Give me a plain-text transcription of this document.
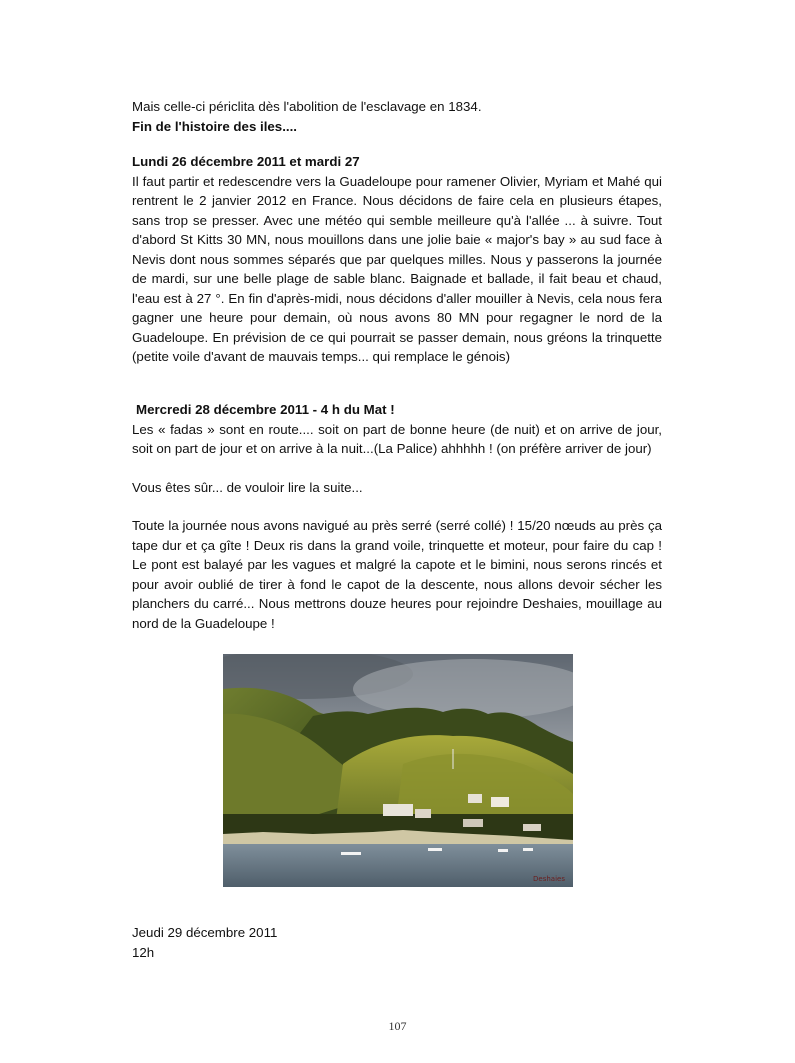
Mais celle-ci périclita dès l'abolition de l'esclavage en 1834.

Fin de l'histoire des iles....

Lundi 26 décembre 2011 et mardi 27

Il faut partir et redescendre vers la Guadeloupe pour ramener Olivier, Myriam et Mahé qui rentrent le 2 janvier 2012 en France. Nous décidons de faire cela en plusieurs étapes, sans trop se presser. Avec une météo qui semble meilleure qu'à l'allée ... à suivre. Tout d'abord St Kitts 30 MN, nous mouillons dans une jolie baie « major's bay » au sud face à Nevis dont nous sommes séparés que par quelques milles. Nous y passerons la journée de mardi, sur une belle plage de sable blanc. Baignade et ballade, il fait beau et chaud, l'eau est à 27 °. En fin d'après-midi, nous décidons d'aller mouiller à Nevis, cela nous fera gagner une heure pour demain, où nous avons 80 MN pour regagner le nord de la Guadeloupe. En prévision de ce qui pourrait se passer demain, nous gréons la trinquette (petite voile d'avant de mauvais temps... qui remplace le génois)

Mercredi 28 décembre 2011 - 4 h du Mat !

Les « fadas » sont en route.... soit on part de bonne heure (de nuit) et on arrive de jour, soit on part de jour et on arrive à la nuit...(La Palice) ahhhhh ! (on préfère arriver de jour)

Vous êtes sûr... de vouloir lire la suite...

Toute la journée nous avons navigué au près serré (serré collé) ! 15/20 nœuds au près ça tape dur et ça gîte ! Deux ris dans la grand voile, trinquette et moteur, pour faire du cap ! Le pont est balayé par les vagues et malgré la capote et le bimini, nous serons rincés et pour avoir oublié de tirer à fond le capot de la descente, nous allons devoir sécher les planchers du carré... Nous mettrons douze heures pour rejoindre Deshaies, mouillage au nord de la Guadeloupe !

Deshaies

Jeudi 29 décembre 2011

12h

107
